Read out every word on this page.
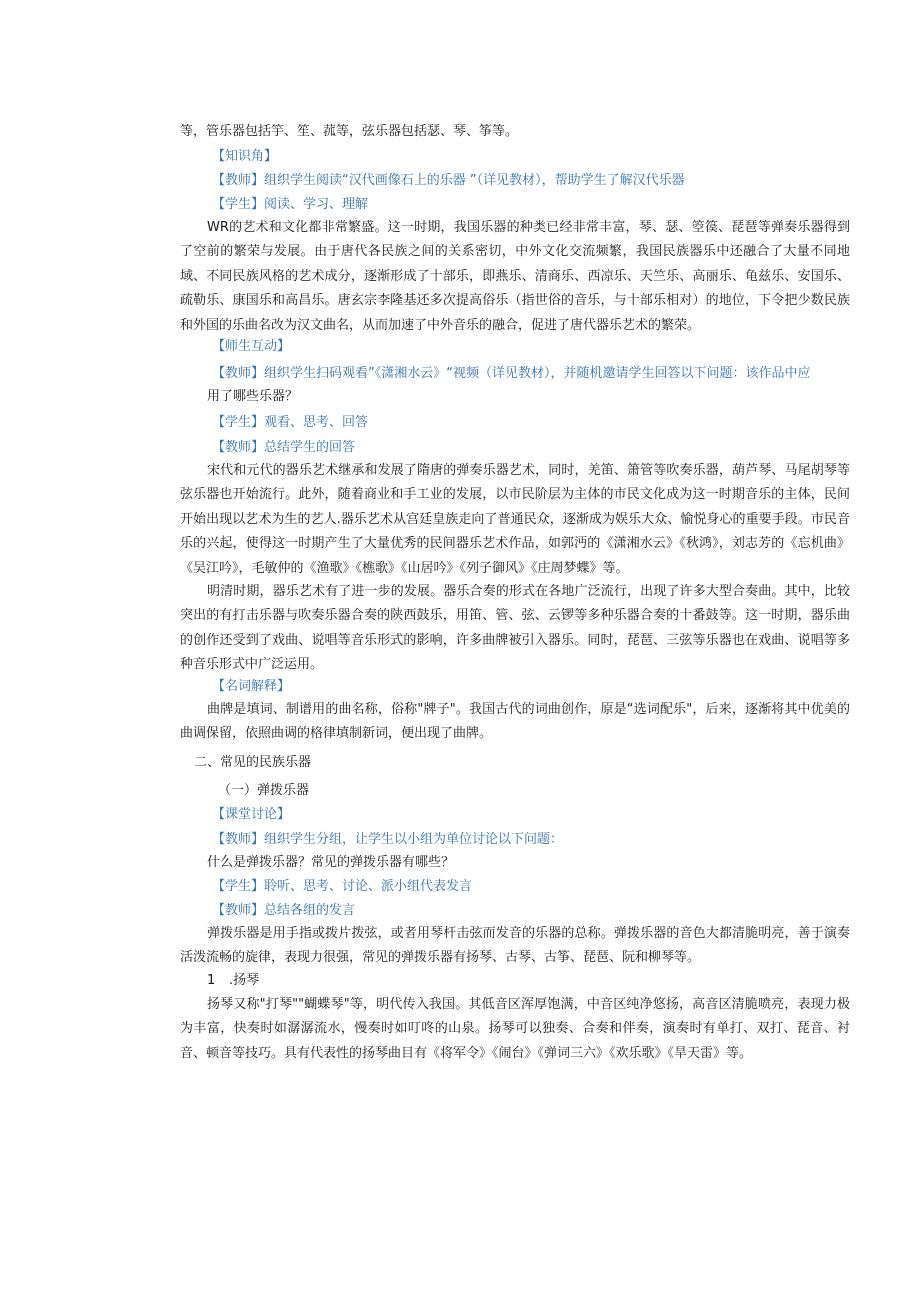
等，管乐器包括竽、笙、菰等，弦乐器包括瑟、琴、筝等。
【知识角】
【教师】组织学生阅读“汉代画像石上的乐器 ”（详见教材），帮助学生了解汉代乐器
【学生】阅读、学习、理解

WR的艺术和文化都非常繁盛。这一时期，我国乐器的种类已经非常丰富，琴、瑟、箜篌、琵琶等弹奏乐器得到了空前的繁荣与发展。由于唐代各民族之间的关系密切，中外文化交流频繁，我国民族器乐中还融合了大量不同地域、不同民族风格的艺术成分，逐渐形成了十部乐，即燕乐、清商乐、西凉乐、天竺乐、高丽乐、龟兹乐、安国乐、疏勒乐、康国乐和高昌乐。唐玄宗李隆基还多次提高俗乐（指世俗的音乐，与十部乐相对）的地位，下令把少数民族和外国的乐曲名改为汉文曲名，从而加速了中外音乐的融合，促进了唐代器乐艺术的繁荣。

【师生互动】
【教师】组织学生扫码观看”《潇湘水云》“视频（详见教材），并随机邀请学生回答以下问题：该作品中应
用了哪些乐器？
【学生】观看、思考、回答
【教师】总结学生的回答

宋代和元代的器乐艺术继承和发展了隋唐的弹奏乐器艺术，同时，羌笛、箫管等吹奏乐器，葫芦琴、马尾胡琴等弦乐器也开始流行。此外，随着商业和手工业的发展，以市民阶层为主体的市民文化成为这一时期音乐的主体，民间开始出现以艺术为生的艺人.器乐艺术从宫廷皇族走向了普通民众，逐渐成为娱乐大众、愉悦身心的重要手段。市民音乐的兴起，使得这一时期产生了大量优秀的民间器乐艺术作品，如郭沔的《潇湘水云》《秋鸿》，刘志芳的《忘机曲》《吴江吟》，毛敏仲的《渔歌》《樵歌》《山居吟》《列子御风》《庄周梦蝶》等。

明清时期，器乐艺术有了进一步的发展。器乐合奏的形式在各地广泛流行，出现了许多大型合奏曲。其中，比较突出的有打击乐器与吹奏乐器合奏的陕西鼓乐，用笛、管、弦、云锣等多种乐器合奏的十番鼓等。这一时期，器乐曲的创作还受到了戏曲、说唱等音乐形式的影响，许多曲牌被引入器乐。同时，琵琶、三弦等乐器也在戏曲、说唱等多种音乐形式中广泛运用。

【名词解释】

曲牌是填词、制谱用的曲名称，俗称"牌子"。我国古代的词曲创作，原是“选词配乐"，后来，逐渐将其中优美的曲调保留，依照曲调的格律填制新词，便出现了曲牌。

二、常见的民族乐器
（一）弹拨乐器
【课堂讨论】
【教师】组织学生分组，让学生以小组为单位讨论以下问题：
什么是弹拨乐器？常见的弹拨乐器有哪些？
【学生】聆听、思考、讨论、派小组代表发言
【教师】总结各组的发言

弹拨乐器是用手指或拨片拨弦，或者用琴杆击弦而发音的乐器的总称。弹拨乐器的音色大都清脆明亮，善于演奏活泼流畅的旋律，表现力很强，常见的弹拨乐器有扬琴、古琴、古筝、琵琶、阮和柳琴等。

1 .扬琴

扬琴又称"打琴""蝴蝶琴"等，明代传入我国。其低音区浑厚饱满，中音区纯净悠扬，高音区清脆喷亮，表现力极为丰富，快奏时如潺潺流水，慢奏时如叮咚的山泉。扬琴可以独奏、合奏和伴奏，演奏时有单打、双打、琵音、衬音、顿音等技巧。具有代表性的扬琴曲目有《将军令》《闹台》《弹词三六》《欢乐歌》《旱天雷》等。
